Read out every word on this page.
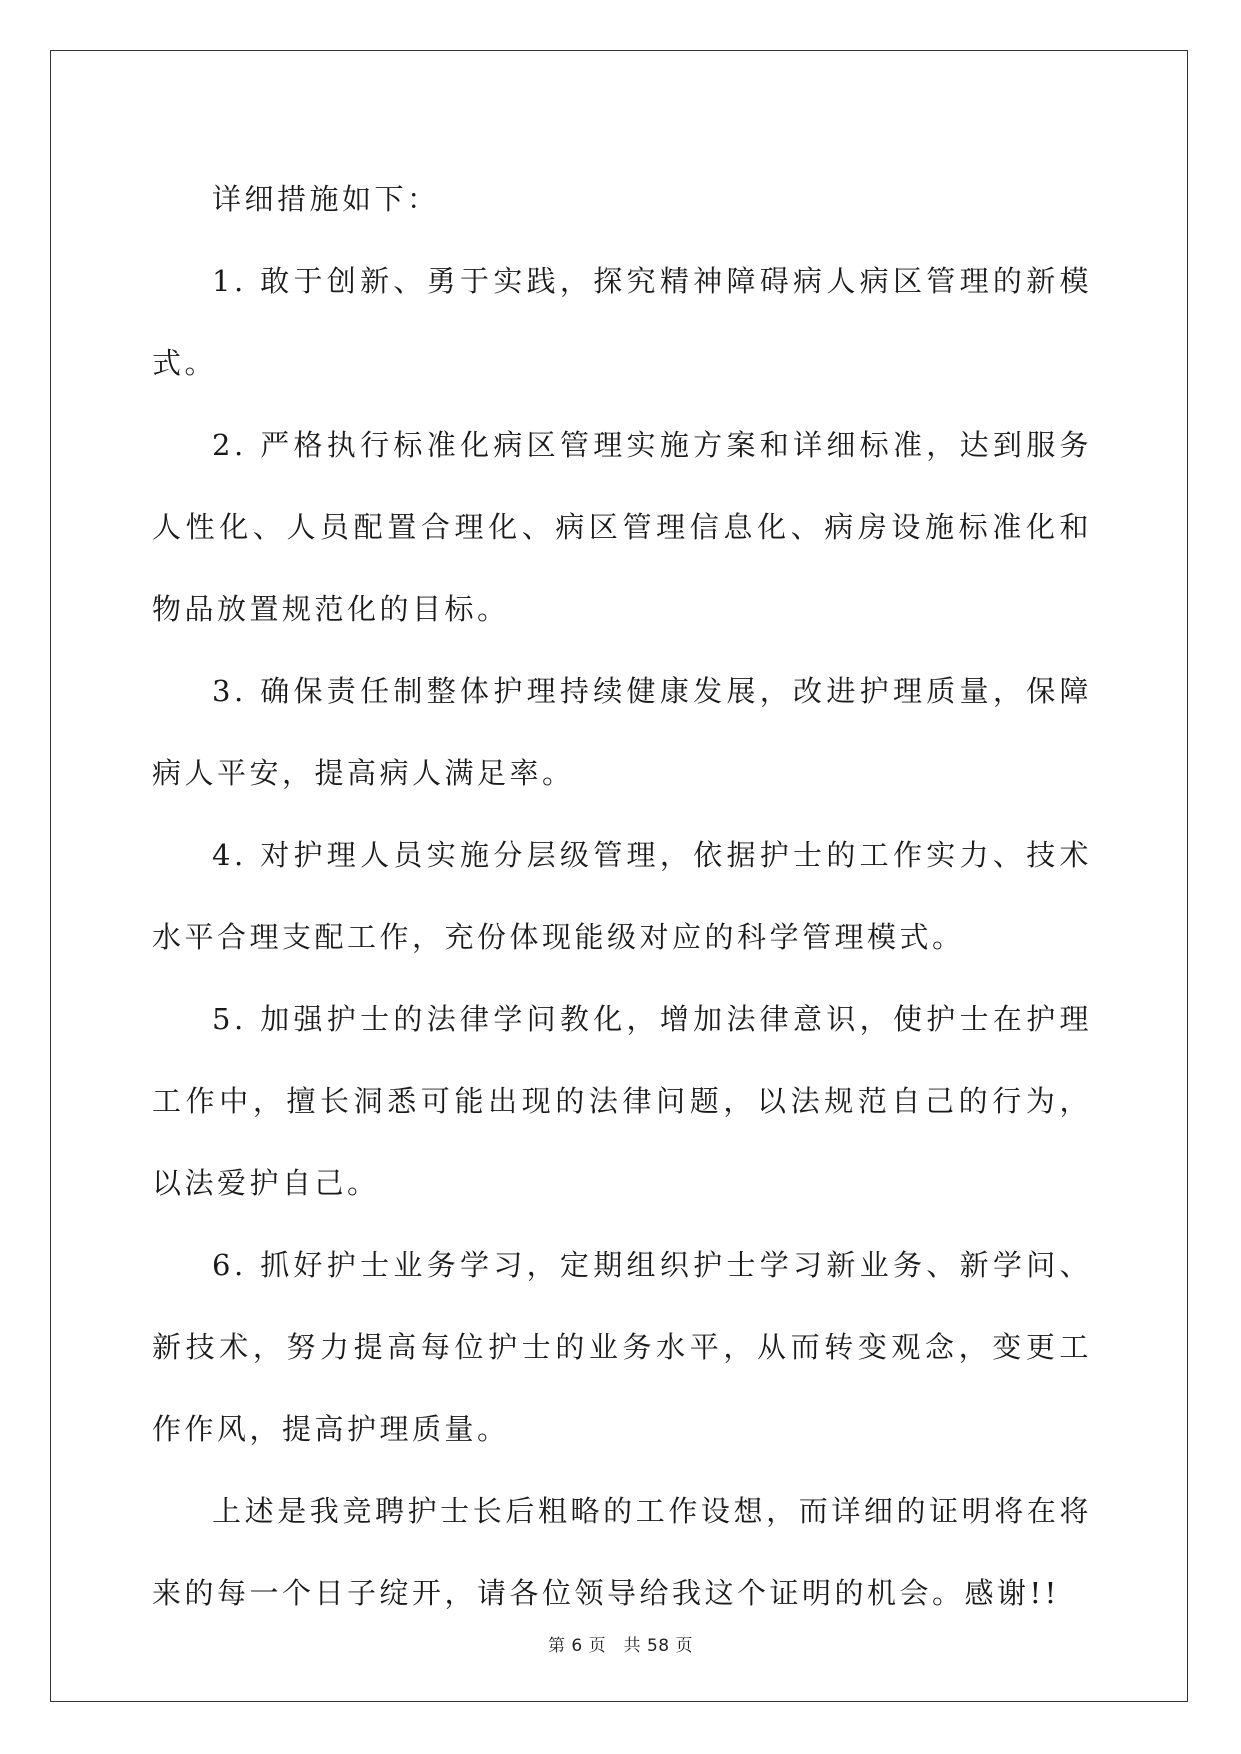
详细措施如下：

1. 敢于创新、勇于实践，探究精神障碍病人病区管理的新模式。

2. 严格执行标准化病区管理实施方案和详细标准，达到服务人性化、人员配置合理化、病区管理信息化、病房设施标准化和物品放置规范化的目标。

3. 确保责任制整体护理持续健康发展，改进护理质量，保障病人平安，提高病人满足率。

4. 对护理人员实施分层级管理，依据护士的工作实力、技术水平合理支配工作，充份体现能级对应的科学管理模式。

5. 加强护士的法律学问教化，增加法律意识，使护士在护理工作中，擅长洞悉可能出现的法律问题，以法规范自己的行为，以法爱护自己。

6. 抓好护士业务学习，定期组织护士学习新业务、新学问、新技术，努力提高每位护士的业务水平，从而转变观念，变更工作作风，提高护理质量。

上述是我竞聘护士长后粗略的工作设想，而详细的证明将在将来的每一个日子绽开，请各位领导给我这个证明的机会。感谢!!

第 6 页　共 58 页
